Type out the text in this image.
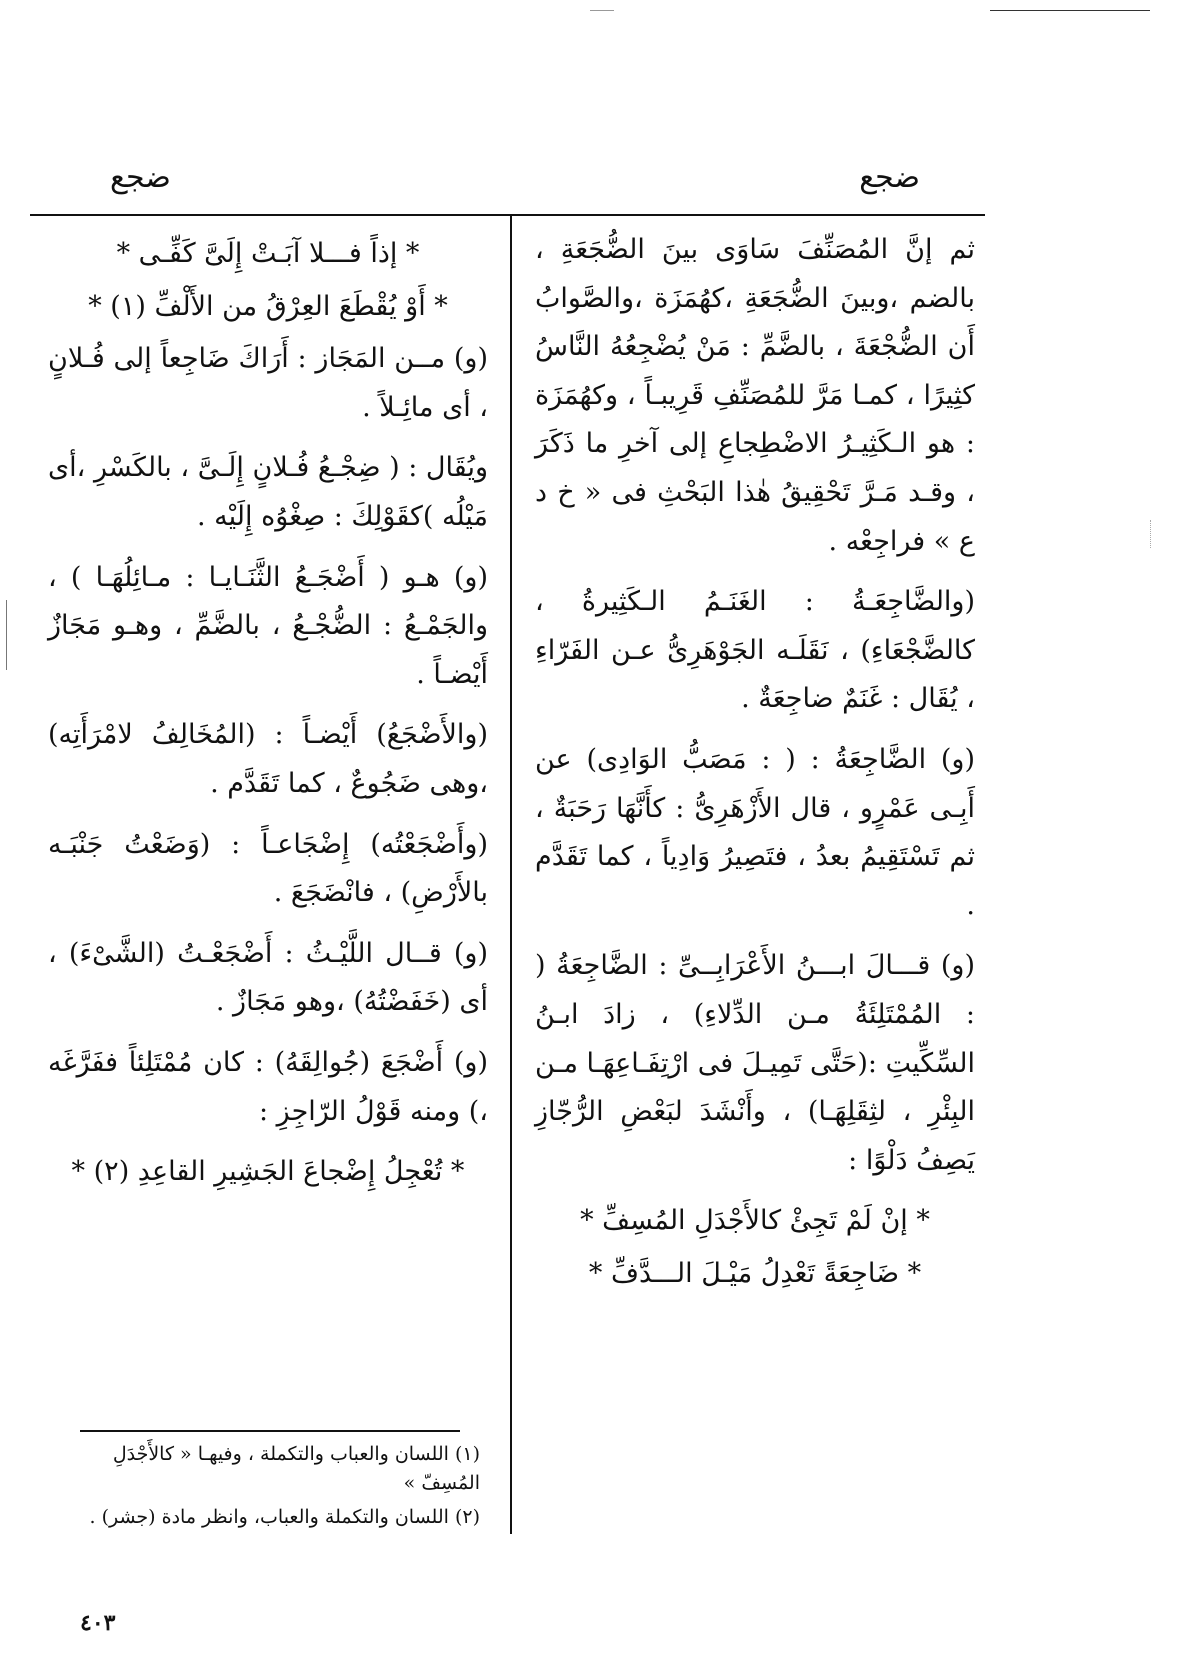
ضجع	ضجع

ثم إنَّ المُصَنِّفَ سَاوَى بينَ الضُّجَعَةِ ، بالضم ،وبينَ الضُّجَعَةِ ،كهُمَزَة ،والصَّوابُ أَن الضُّجْعَةَ ، بالضَّمِّ : مَنْ يُضْجِعُهُ النَّاسُ كثِيرًا ، كمـا مَرَّ للمُصَنِّفِ قَرِيبـاً ، وكهُمَزَة : هو الـكَثِيـرُ الاضْطِجاعِ إلى آخرِ ما ذَكَرَ ، وقـد مَـرَّ تَحْقِيقُ هٰذا البَحْثِ فى « خ د ع » فراجِعْه .

(والضَّاجِعَـةُ : الغَنَـمُ الـكَثِيرةُ ، كالضَّجْعَاءِ) ، نَقَلَـه الجَوْهَرِىُّ عـن الفَرّاءِ ، يُقَال : غَنَمٌ ضاجِعَةٌ .

(و) الضَّاجِعَةُ : ( : مَصَبُّ الوَادِى) عن أَبِـى عَمْرٍو ، قال الأَزْهَرِىُّ : كأَنَّهَا رَحَبَةٌ ، ثم تَسْتَقِيمُ بعدُ ، فتَصِيرُ وَادِياً ، كما تَقَدَّم .

(و) قـــالَ ابـــنُ الأَعْرَابِــىِّ : الضَّاجِعَةُ ( : المُمْتَلِئَةُ مـن الدِّلاءِ) ، زادَ ابـنُ السِّكِّيتِ :(حَتَّى تَمِيـلَ فى ارْتِفَـاعِهَـا مـن البِئْرِ ، لثِقَلِهَـا) ، وأَنْشَدَ لبَعْضِ الرُّجّازِ يَصِفُ دَلْوًا :

* إنْ لَمْ تَجِئْ كالأَجْدَلِ المُسِفِّ *

* ضَاجِعَةً تَعْدِلُ مَيْـلَ الـــدَّفِّ *

* إذاً فـــلا آبَـتْ إِلَىَّ كَفِّـى *

* أَوْ يُقْطَعَ العِرْقُ من الأَلْفِّ (١) *

(و) مــن المَجَاز : أَرَاكَ ضَاجِعاً إلى فُـلانٍ ، أى مائِـلاً .

ويُقَال : ( ضِجْـعُ فُـلانٍ إِلَـىَّ ، بالكَسْرِ ،أى مَيْلُه )كقَوْلِكَ : صِغْوُه إِلَيْه .

(و) هـو ( أَضْجَـعُ الثَّنَـايـا : مـائِلُهَـا ) ، والجَمْـعُ : الضُّجْـعُ ، بالضَّمِّ ، وهـو مَجَازٌ أَيْضـاً .

(والأَضْجَعُ) أَيْضـاً : (المُخَالِفُ لامْرَأَتِه) ،وهى ضَجُوعٌ ، كما تَقَدَّم .

(وأَضْجَعْتُه) إِضْجَاعـاً : (وَضَعْتُ جَنْبَـه بالأَرْضِ) ، فانْضَجَعَ .

(و) قــال اللَّيْـثُ : أَضْجَعْـتُ (الشَّىْءَ) ، أى (خَفَضْتُهُ) ،وهو مَجَازٌ .

(و) أَضْجَعَ (جُوالِقَهُ) : كان مُمْتَلِئاً ففَرَّغَه ،) ومنه قَوْلُ الرّاجِزِ :

* تُعْجِلُ إِضْجاعَ الجَشِيرِ القاعِدِ (٢) *

(١) اللسان والعباب والتكملة ، وفيهـا « كالأَجْدَلِ المُسِفّ »

(٢) اللسان والتكملة والعباب، وانظر مادة (جشر) .

٤٠٣
